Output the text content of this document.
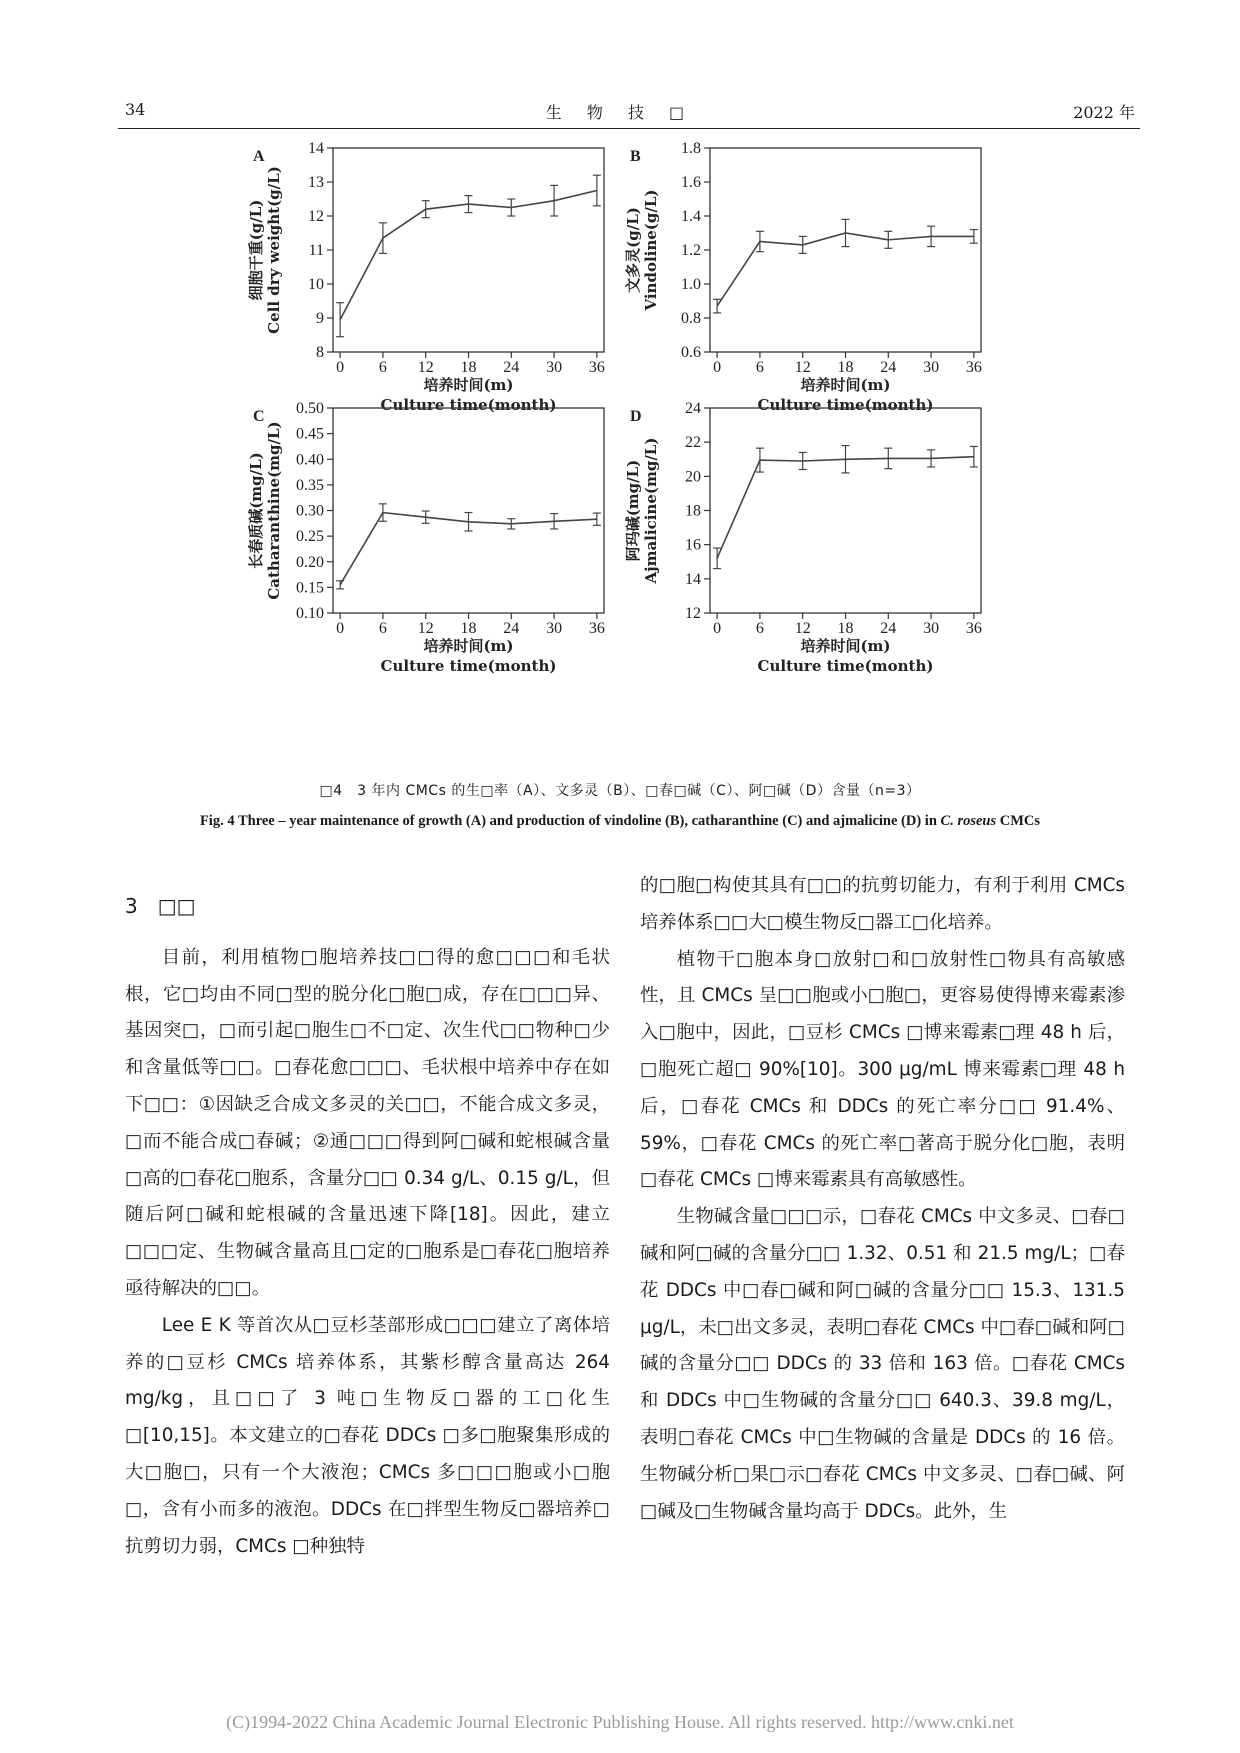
34	生 物 技 □	2022 年
8
9
10
11
12
13
14
0 6 12 18 24 30 36
A
培养时间(m)
Culture time(month)
细胞干重(g/L) Cell dry weight(g/L)
0.6
0.8
1.0
1.2
1.4
1.6
1.8
0 6 12 18 24 30 36
B
培养时间(m)
Culture time(month)
文多灵(g/L) Vindoline(g/L)
0.10
0.15
0.20
0.25
0.30
0.35
0.40
0.45
0.50
0 6 12 18 24 30 36
C
培养时间(m)
Culture time(month)
长春质碱(mg/L) Catharanthine(mg/L)
12
14
16
18
20
22
24
0 6 12 18 24 30 36
D
培养时间(m)
Culture time(month)
阿玛碱(mg/L) Ajmalicine(mg/L)
□4　3 年内 CMCs 的生□率（A）、文多灵（B）、□春□碱（C）、阿□碱（D）含量（n=3）
Fig. 4 Three – year maintenance of growth (A) and production of vindoline (B), catharanthine (C) and ajmalicine (D) in C. roseus CMCs

3　□□

目前，利用植物□胞培养技□□得的愈□□□和毛状根，它□均由不同□型的脱分化□胞□成，存在□□□异、基因突□，□而引起□胞生□不□定、次生代□□物种□少和含量低等□□。□春花愈□□□、毛状根中培养中存在如下□□：①因缺乏合成文多灵的关□□，不能合成文多灵，□而不能合成□春碱；②通□□□得到阿□碱和蛇根碱含量□高的□春花□胞系，含量分□□ 0.34 g/L、0.15 g/L，但随后阿□碱和蛇根碱的含量迅速下降[18]。因此，建立□□□定、生物碱含量高且□定的□胞系是□春花□胞培养亟待解决的□□。

Lee E K 等首次从□豆杉茎部形成□□□建立了离体培养的□豆杉 CMCs 培养体系，其紫杉醇含量高达 264 mg/kg，且□□了 3 吨□生物反□器的工□化生□[10,15]。本文建立的□春花 DDCs □多□胞聚集形成的大□胞□，只有一个大液泡；CMCs 多□□□胞或小□胞□，含有小而多的液泡。DDCs 在□拌型生物反□器培养□抗剪切力弱，CMCs □种独特

的□胞□构使其具有□□的抗剪切能力，有利于利用 CMCs 培养体系□□大□模生物反□器工□化培养。

植物干□胞本身□放射□和□放射性□物具有高敏感性，且 CMCs 呈□□胞或小□胞□，更容易使得博来霉素渗入□胞中，因此，□豆杉 CMCs □博来霉素□理 48 h 后，□胞死亡超□ 90%[10]。300 μg/mL 博来霉素□理 48 h 后，□春花 CMCs 和 DDCs 的死亡率分□□ 91.4%、59%，□春花 CMCs 的死亡率□著高于脱分化□胞，表明□春花 CMCs □博来霉素具有高敏感性。

生物碱含量□□□示，□春花 CMCs 中文多灵、□春□碱和阿□碱的含量分□□ 1.32、0.51 和 21.5 mg/L；□春花 DDCs 中□春□碱和阿□碱的含量分□□ 15.3、131.5 μg/L，未□出文多灵，表明□春花 CMCs 中□春□碱和阿□碱的含量分□□ DDCs 的 33 倍和 163 倍。□春花 CMCs 和 DDCs 中□生物碱的含量分□□ 640.3、39.8 mg/L，表明□春花 CMCs 中□生物碱的含量是 DDCs 的 16 倍。生物碱分析□果□示□春花 CMCs 中文多灵、□春□碱、阿□碱及□生物碱含量均高于 DDCs。此外，生

(C)1994-2022 China Academic Journal Electronic Publishing House. All rights reserved. http://www.cnki.net
